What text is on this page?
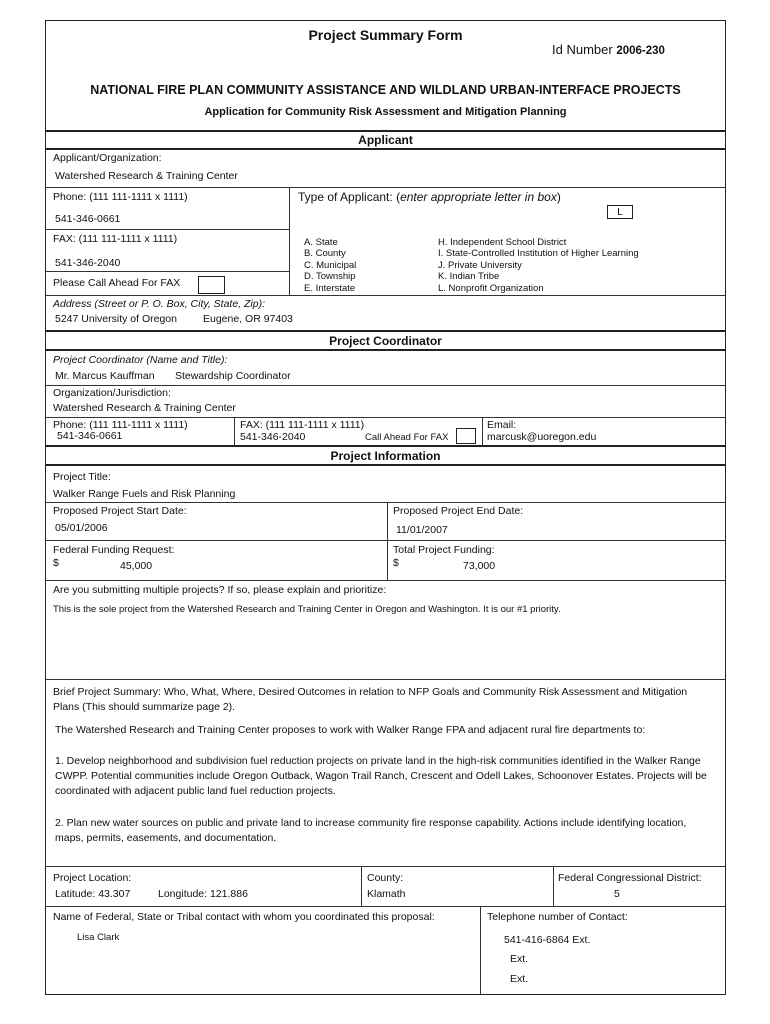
Project Summary Form
Id Number 2006-230
NATIONAL FIRE PLAN COMMUNITY ASSISTANCE AND WILDLAND URBAN-INTERFACE PROJECTS
Application for Community Risk Assessment and Mitigation Planning
Applicant
Applicant/Organization:
Watershed Research & Training Center
Phone: (111 111-1111 x 1111)
541-346-0661
Type of Applicant: (enter appropriate letter in box)
L
FAX: (111 111-1111 x 1111)
541-346-2040
Please Call Ahead For FAX
A. State
B. County
C. Municipal
D. Township
E. Interstate
H. Independent School District
I. State-Controlled Institution of Higher Learning
J. Private University
K. Indian Tribe
L. Nonprofit Organization
Address (Street or P. O. Box, City, State, Zip):
5247 University of Oregon Eugene, OR 97403
Project Coordinator
Project Coordinator (Name and Title):
Mr. Marcus Kauffman Stewardship Coordinator
Organization/Jurisdiction:
Watershed Research & Training Center
Phone: (111 111-1111 x 1111)
541-346-0661
FAX: (111 111-1111 x 1111)
541-346-2040	Call Ahead For FAX
Email:
marcusk@uoregon.edu
Project Information
Project Title:
Walker Range Fuels and Risk Planning
Proposed Project Start Date:
05/01/2006
Proposed Project End Date:
11/01/2007
Federal Funding Request:
$	45,000
Total Project Funding:
$	73,000
Are you submitting multiple projects? If so, please explain and prioritize:
This is the sole project from the Watershed Research and Training Center in Oregon and Washington. It is our #1 priority.
Brief Project Summary: Who, What, Where, Desired Outcomes in relation to NFP Goals and Community Risk Assessment and Mitigation Plans (This should summarize page 2).
The Watershed Research and Training Center proposes to work with Walker Range FPA and adjacent rural fire departments to:
1. Develop neighborhood and subdivision fuel reduction projects on private land in the high-risk communities identified in the Walker Range CWPP. Potential communities include Oregon Outback, Wagon Trail Ranch, Crescent and Odell Lakes, Schoonover Estates. Projects will be coordinated with adjacent public land fuel reduction projects.
2. Plan new water sources on public and private land to increase community fire response capability. Actions include identifying location, maps, permits, easements, and documentation.
Project Location:
Latitude: 43.307	Longitude: 121.886
County:
Klamath
Federal Congressional District:
5
Name of Federal, State or Tribal contact with whom you coordinated this proposal:
Lisa Clark
Telephone number of Contact:
541-416-6864 Ext.
Ext.
Ext.
